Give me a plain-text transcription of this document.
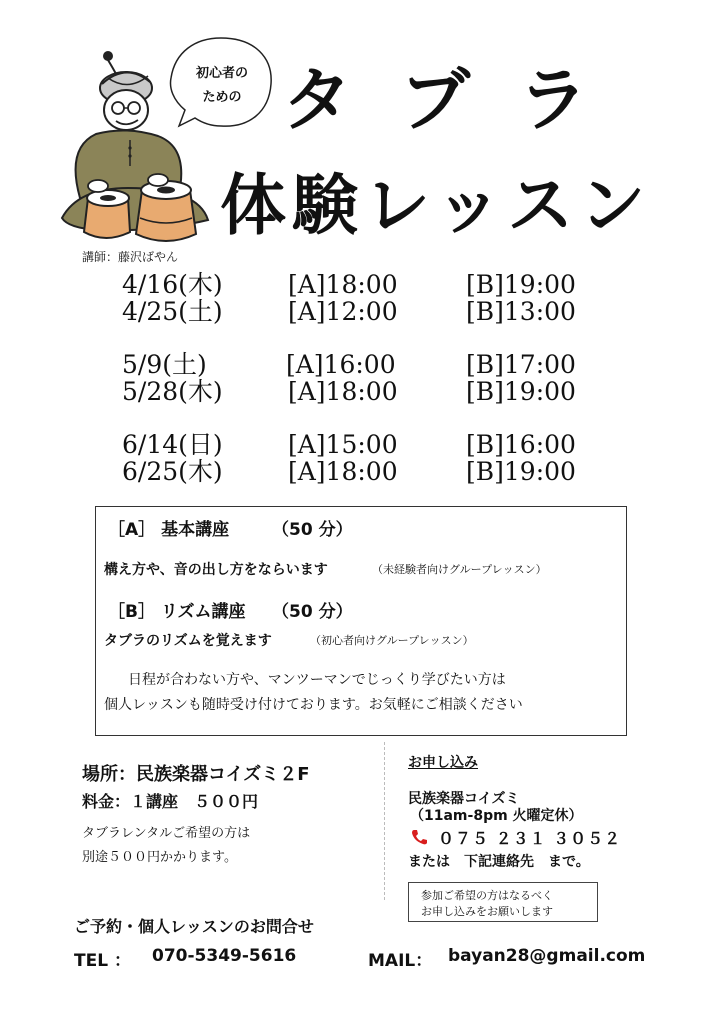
初心者の
ための タブラ
体験レッスン
講師：藤沢ばやん
4/16(木)	[A]18:00	[B]19:00
4/25(土)	[A]12:00	[B]13:00
5/9(土)	[A]16:00	[B]17:00
5/28(木)	[A]18:00	[B]19:00
6/14(日)	[A]15:00	[B]16:00
6/25(木)	[A]18:00	[B]19:00
［A］ 基本講座	（50 分）
構え方や、音の出し方をならいます	（未経験者向けグループレッスン）
［B］ リズム講座 （50 分）
タブラのリズムを覚えます	（初心者向けグループレッスン）
日程が合わない方や、マンツーマンでじっくり学びたい方は
個人レッスンも随時受け付けております。お気軽にご相談ください
場所：民族楽器コイズミ２F
料金：１講座　５００円
タブラレンタルご希望の方は
別途５００円かかります。
お申し込み
民族楽器コイズミ
（11am-8pm 火曜定休）
０７５ ２３１ ３０５２
または　下記連絡先　まで。
参加ご希望の方はなるべく
お申し込みをお願いします
ご予約・個人レッスンのお問合せ
TEL ： 070-5349-5616	MAIL： bayan28@gmail.com
